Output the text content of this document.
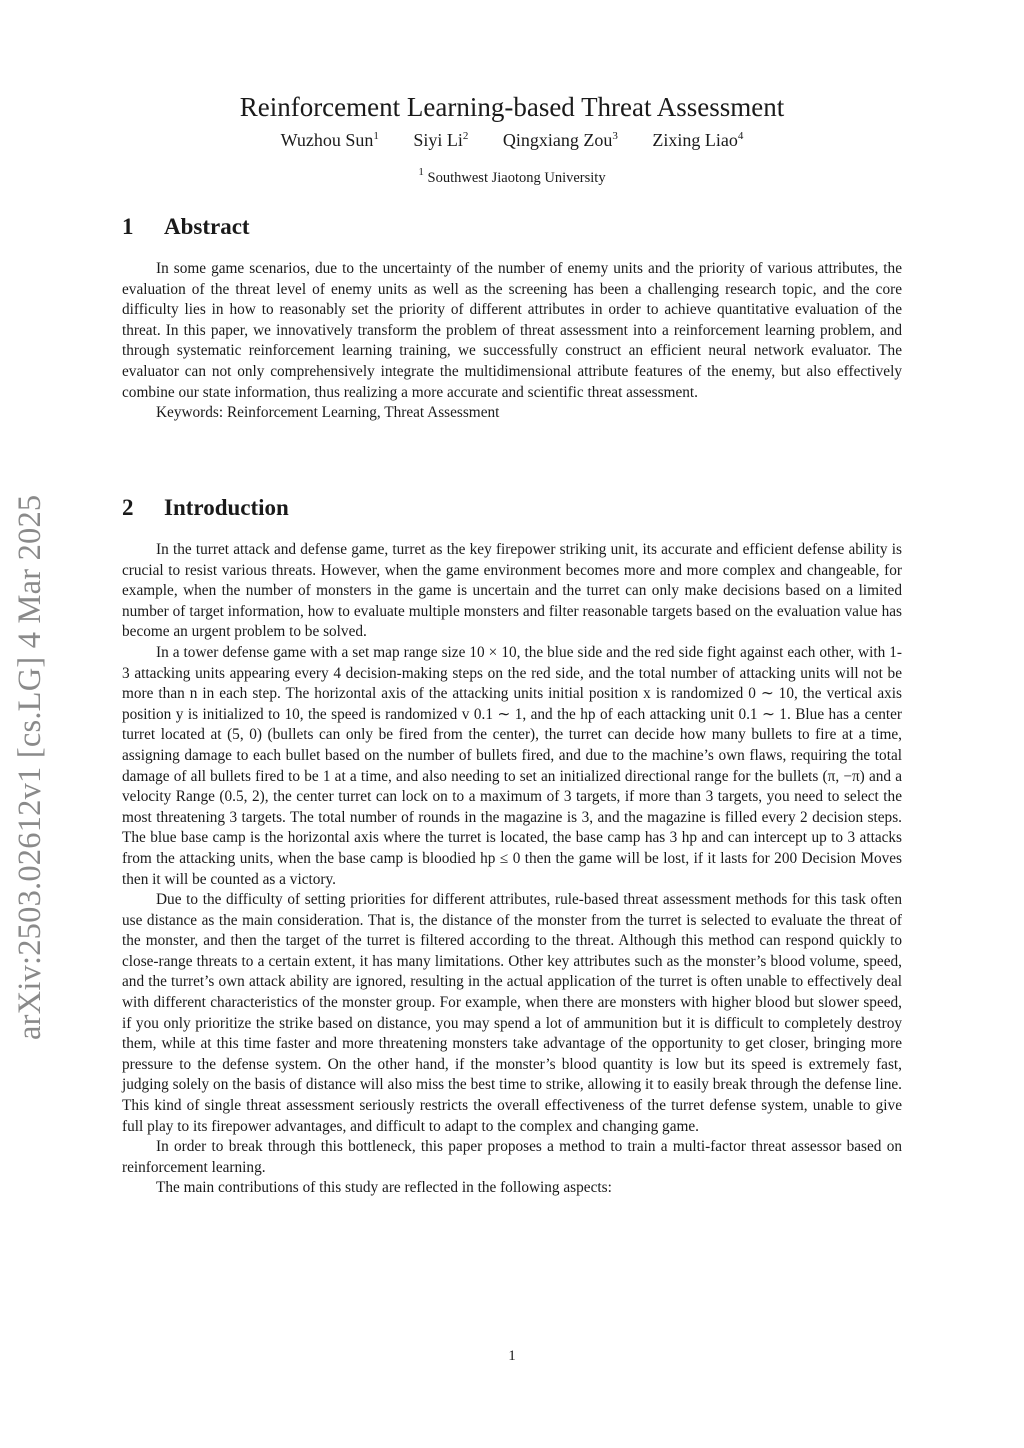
arXiv:2503.02612v1 [cs.LG] 4 Mar 2025
Reinforcement Learning-based Threat Assessment
Wuzhou Sun$^1$ Siyi Li$^2$ Qingxiang Zou$^3$ Zixing Liao$^4$
$^1$ Southwest Jiaotong University
1 Abstract

In some game scenarios, due to the uncertainty of the number of enemy units and the priority of various attributes, the evaluation of the threat level of enemy units as well as the screening has been a challenging research topic, and the core difficulty lies in how to reasonably set the priority of different attributes in order to achieve quantitative evaluation of the threat. In this paper, we innovatively transform the problem of threat assessment into a reinforcement learning problem, and through systematic reinforcement learning training, we successfully construct an efficient neural network evaluator. The evaluator can not only comprehensively integrate the multidimensional attribute features of the enemy, but also effectively combine our state information, thus realizing a more accurate and scientific threat assessment.

Keywords: Reinforcement Learning, Threat Assessment

2 Introduction

In the turret attack and defense game, turret as the key firepower striking unit, its accurate and efficient defense ability is crucial to resist various threats. However, when the game environment becomes more and more complex and changeable, for example, when the number of monsters in the game is uncertain and the turret can only make decisions based on a limited number of target information, how to evaluate multiple monsters and filter reasonable targets based on the evaluation value has become an urgent problem to be solved.

In a tower defense game with a set map range size 10 × 10, the blue side and the red side fight against each other, with 1-3 attacking units appearing every 4 decision-making steps on the red side, and the total number of attacking units will not be more than n in each step. The horizontal axis of the attacking units initial position x is randomized 0 ∼ 10, the vertical axis position y is initialized to 10, the speed is randomized v 0.1 ∼ 1, and the hp of each attacking unit 0.1 ∼ 1. Blue has a center turret located at (5, 0) (bullets can only be fired from the center), the turret can decide how many bullets to fire at a time, assigning damage to each bullet based on the number of bullets fired, and due to the machine’s own flaws, requiring the total damage of all bullets fired to be 1 at a time, and also needing to set an initialized directional range for the bullets (π, −π) and a velocity Range (0.5, 2), the center turret can lock on to a maximum of 3 targets, if more than 3 targets, you need to select the most threatening 3 targets. The total number of rounds in the magazine is 3, and the magazine is filled every 2 decision steps. The blue base camp is the horizontal axis where the turret is located, the base camp has 3 hp and can intercept up to 3 attacks from the attacking units, when the base camp is bloodied hp ≤ 0 then the game will be lost, if it lasts for 200 Decision Moves then it will be counted as a victory.

Due to the difficulty of setting priorities for different attributes, rule-based threat assessment methods for this task often use distance as the main consideration. That is, the distance of the monster from the turret is selected to evaluate the threat of the monster, and then the target of the turret is filtered according to the threat. Although this method can respond quickly to close-range threats to a certain extent, it has many limitations. Other key attributes such as the monster’s blood volume, speed, and the turret’s own attack ability are ignored, resulting in the actual application of the turret is often unable to effectively deal with different characteristics of the monster group. For example, when there are monsters with higher blood but slower speed, if you only prioritize the strike based on distance, you may spend a lot of ammunition but it is difficult to completely destroy them, while at this time faster and more threatening monsters take advantage of the opportunity to get closer, bringing more pressure to the defense system. On the other hand, if the monster’s blood quantity is low but its speed is extremely fast, judging solely on the basis of distance will also miss the best time to strike, allowing it to easily break through the defense line. This kind of single threat assessment seriously restricts the overall effectiveness of the turret defense system, unable to give full play to its firepower advantages, and difficult to adapt to the complex and changing game.

In order to break through this bottleneck, this paper proposes a method to train a multi-factor threat assessor based on reinforcement learning.

The main contributions of this study are reflected in the following aspects:

1
